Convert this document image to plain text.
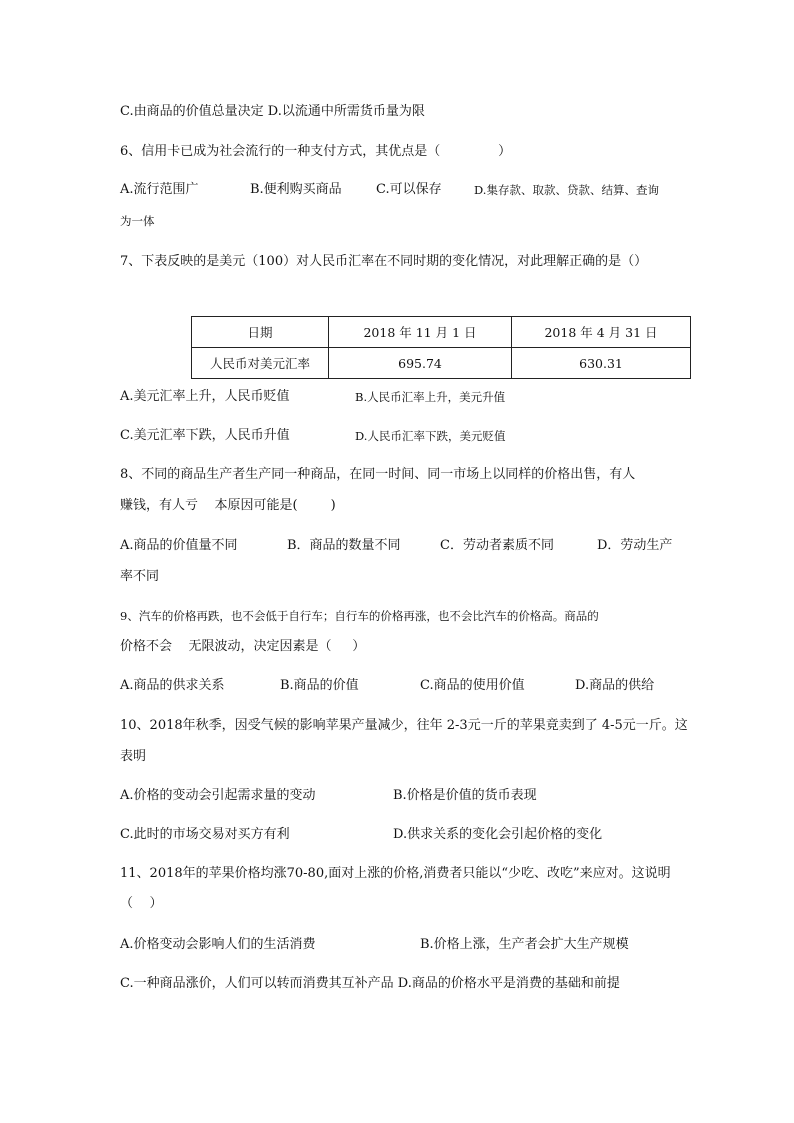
C.由商品的价值总量决定 D.以流通中所需货币量为限
6、信用卡已成为社会流行的一种支付方式，其优点是（              ）
A.流行范围广	B.便利购买商品	C.可以保存	D.集存款、取款、贷款、结算、查询
为一体
7、下表反映的是美元（100）对人民币汇率在不同时期的变化情况，对此理解正确的是（）
日期	2018 年 11 月 1 日	2018 年 4 月 31 日
人民币对美元汇率	695.74	630.31
A.美元汇率上升，人民币贬值	B.人民币汇率上升，美元升值
C.美元汇率下跌，人民币升值	D.人民币汇率下跌，美元贬值
8、不同的商品生产者生产同一种商品，在同一时间、同一市场上以同样的价格出售，有人
赚钱，有人亏    本原因可能是(        )
A.商品的价值量不同	B．商品的数量不同	C．劳动者素质不同	D．劳动生产
率不同
9、汽车的价格再跌，也不会低于自行车；自行车的价格再涨，也不会比汽车的价格高。商品的
价格不会    无限波动，决定因素是（     ）
A.商品的供求关系	B.商品的价值	C.商品的使用价值	D.商品的供给
10、2018年秋季，因受气候的影响苹果产量减少，往年 2-3元一斤的苹果竟卖到了 4-5元一斤。这
表明
A.价格的变动会引起需求量的变动	B.价格是价值的货币表现
C.此时的市场交易对买方有利	D.供求关系的变化会引起价格的变化
11、2018年的苹果价格均涨70-80,面对上涨的价格,消费者只能以“少吃、改吃”来应对。这说明
（    ）
A.价格变动会影响人们的生活消费	B.价格上涨，生产者会扩大生产规模
C.一种商品涨价，人们可以转而消费其互补产品 D.商品的价格水平是消费的基础和前提
